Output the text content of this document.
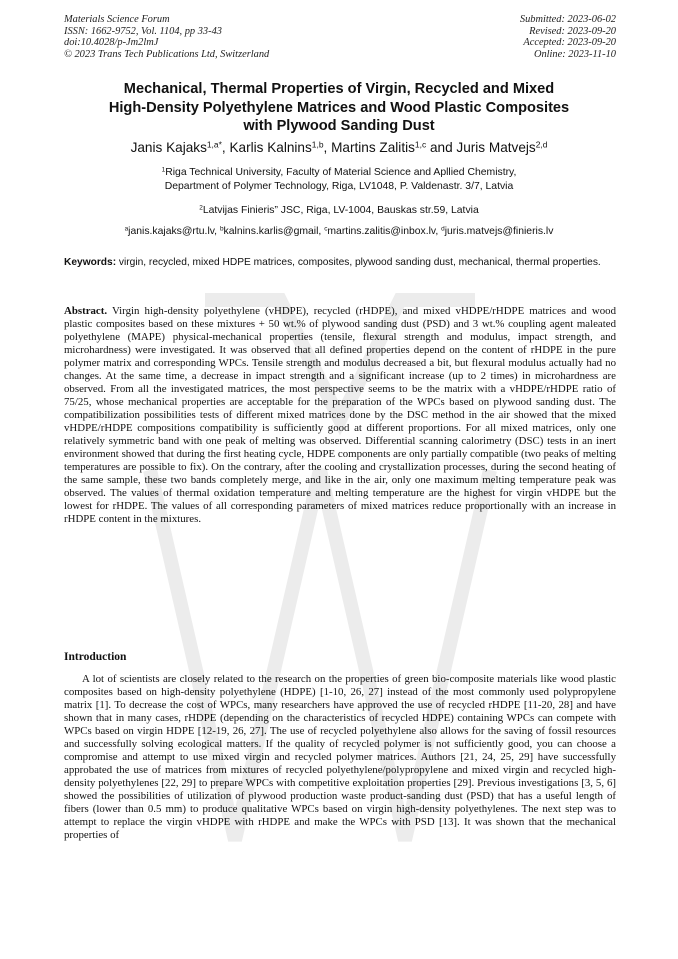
Materials Science Forum
ISSN: 1662-9752, Vol. 1104, pp 33-43
doi:10.4028/p-Jm2lmJ
© 2023 Trans Tech Publications Ltd, Switzerland
Submitted: 2023-06-02
Revised: 2023-09-20
Accepted: 2023-09-20
Online: 2023-11-10
Mechanical, Thermal Properties of Virgin, Recycled and Mixed
High-Density Polyethylene Matrices and Wood Plastic Composites
with Plywood Sanding Dust
Janis Kajaks$^{1,a*}$, Karlis Kalnins$^{1,b}$, Martins Zalitis$^{1,c}$ and Juris Matvejs$^{2,d}$
$^1$Riga Technical University, Faculty of Material Science and Apllied Chemistry,
Department of Polymer Technology, Riga, LV1048, P. Valdenastr. 3/7, Latvia
$^2$Latvijas Finieris” JSC, Riga, LV-1004, Bauskas str.59, Latvia
$^a$janis.kajaks@rtu.lv, $^b$kalnins.karlis@gmail, $^c$martins.zalitis@inbox.lv, $^d$juris.matvejs@finieris.lv
Keywords: virgin, recycled, mixed HDPE matrices, composites, plywood sanding dust, mechanical, thermal properties.
Abstract. Virgin high-density polyethylene (vHDPE), recycled (rHDPE), and mixed vHDPE/rHDPE matrices and wood plastic composites based on these mixtures + 50 wt.% of plywood sanding dust (PSD) and 3 wt.% coupling agent maleated polyethylene (MAPE) physical-mechanical properties (tensile, flexural strength and modulus, impact strength, and microhardness) were investigated. It was observed that all defined properties depend on the content of rHDPE in the pure polymer matrix and corresponding WPCs. Tensile strength and modulus decreased a bit, but flexural modulus actually had no changes. At the same time, a decrease in impact strength and a significant increase (up to 2 times) in microhardness are observed. From all the investigated matrices, the most perspective seems to be the matrix with a vHDPE/rHDPE ratio of 75/25, whose mechanical properties are acceptable for the preparation of the WPCs based on plywood sanding dust. The compatibilization possibilities tests of different mixed matrices done by the DSC method in the air showed that the mixed vHDPE/rHDPE compositions compatibility is sufficiently good at different proportions. For all mixed matrices, only one relatively symmetric band with one peak of melting was observed. Differential scanning calorimetry (DSC) tests in an inert environment showed that during the first heating cycle, HDPE components are only partially compatible (two peaks of melting temperatures are possible to fix). On the contrary, after the cooling and crystallization processes, during the second heating of the same sample, these two bands completely merge, and like in the air, only one maximum melting temperature peak was observed. The values of thermal oxidation temperature and melting temperature are the highest for virgin vHDPE but the lowest for rHDPE. The values of all corresponding parameters of mixed matrices reduce proportionally with an increase in rHDPE content in the mixtures.
Introduction
A lot of scientists are closely related to the research on the properties of green bio-composite materials like wood plastic composites based on high-density polyethylene (HDPE) [1-10, 26, 27] instead of the most commonly used polypropylene matrix [1]. To decrease the cost of WPCs, many researchers have approved the use of recycled rHDPE [11-20, 28] and have shown that in many cases, rHDPE (depending on the characteristics of recycled HDPE) containing WPCs can compete with WPCs based on virgin HDPE [12-19, 26, 27]. The use of recycled polyethylene also allows for the saving of fossil resources and successfully solving ecological matters. If the quality of recycled polymer is not sufficiently good, you can choose a compromise and attempt to use mixed virgin and recycled polymer matrices. Authors [21, 24, 25, 29] have successfully approbated the use of matrices from mixtures of recycled polyethylene/polypropylene and mixed virgin and recycled high-density polyethylenes [22, 29] to prepare WPCs with competitive exploitation properties [29]. Previous investigations [3, 5, 6] showed the possibilities of utilization of plywood production waste product-sanding dust (PSD) that has a useful length of fibers (lower than 0.5 mm) to produce qualitative WPCs based on virgin high-density polyethylenes. The next step was to attempt to replace the virgin vHDPE with rHDPE and make the WPCs with PSD [13]. It was shown that the mechanical properties of
